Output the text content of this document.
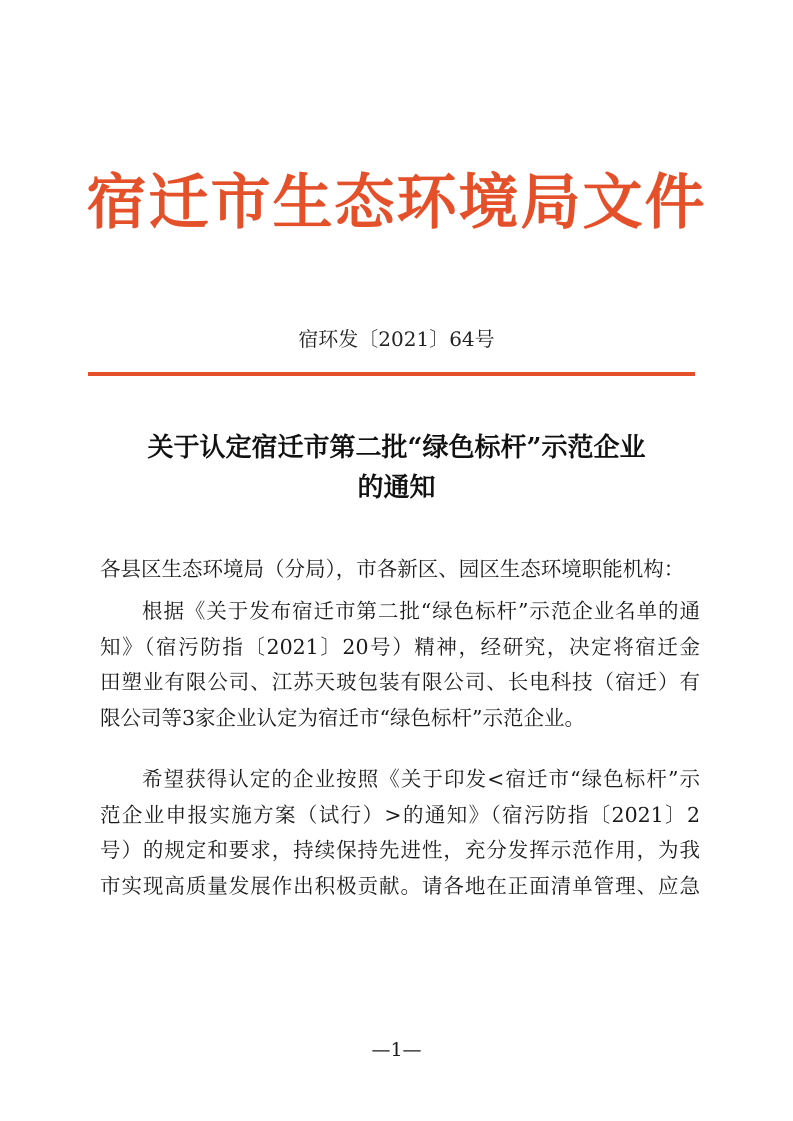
宿迁市生态环境局文件
宿环发〔2021〕64号
关于认定宿迁市第二批“绿色标杆”示范企业
的通知
各县区生态环境局（分局），市各新区、园区生态环境职能机构：
根据《关于发布宿迁市第二批“绿色标杆”示范企业名单的通
知》（宿污防指〔2021〕20号）精神，经研究，决定将宿迁金
田塑业有限公司、江苏天玻包装有限公司、长电科技（宿迁）有
限公司等3家企业认定为宿迁市“绿色标杆”示范企业。
希望获得认定的企业按照《关于印发<宿迁市“绿色标杆”示
范企业申报实施方案（试行）>的通知》（宿污防指〔2021〕2
号）的规定和要求，持续保持先进性，充分发挥示范作用，为我
市实现高质量发展作出积极贡献。请各地在正面清单管理、应急
—1—
